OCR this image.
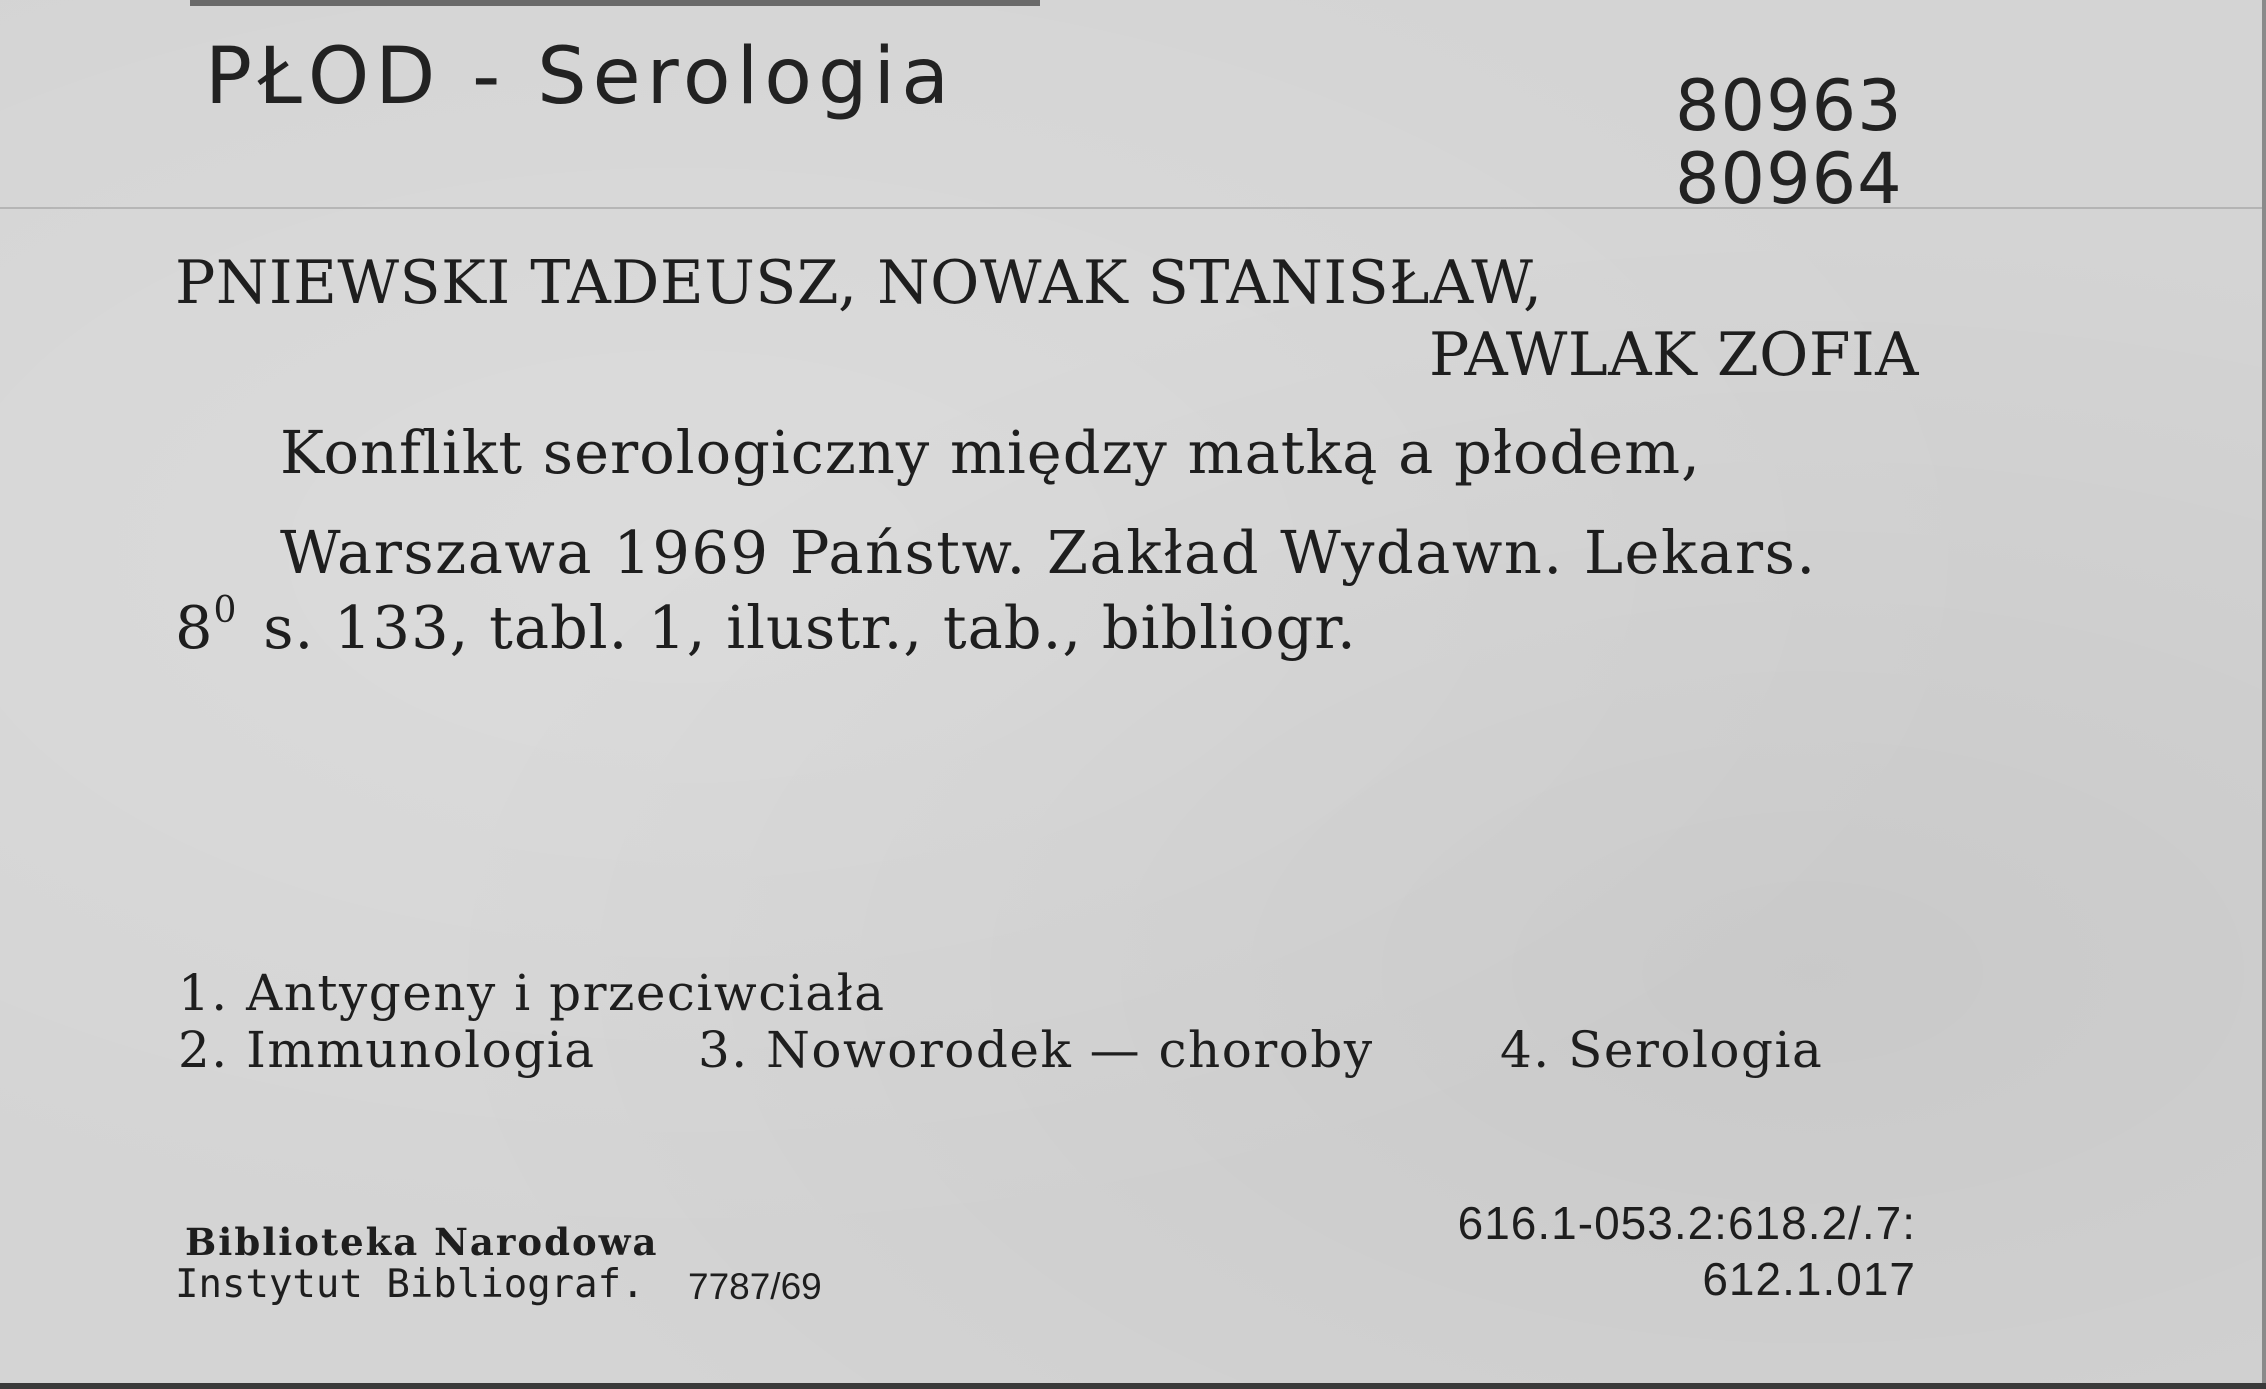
PŁOD - Serologia	80963
80964
PNIEWSKI TADEUSZ, NOWAK STANISŁAW,
PAWLAK ZOFIA
Konflikt serologiczny między matką a płodem,
Warszawa 1969 Państw. Zakład Wydawn. Lekars.
$8^0$ s. 133, tabl. 1, ilustr., tab., bibliogr.
1. Antygeny i przeciwciała
2. Immunologia 3. Noworodek — choroby	4. Serologia
Biblioteka Narodowa
Instytut Bibliograf. 7787/69
616.1-053.2:618.2/.7:
612.1.017
